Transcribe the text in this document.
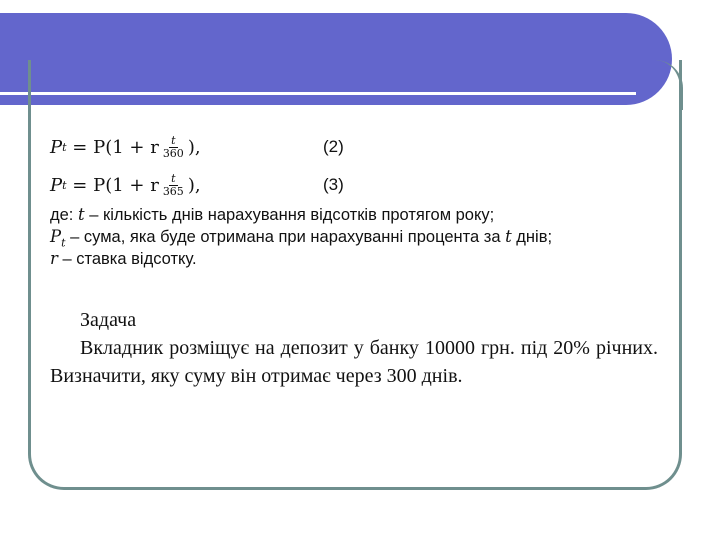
P t
= P(1 + r $\frac{t}{360}$ ),	(2)
P t
= P(1 + r $\frac{t}{365}$ ),	(3)
де: t – кількість днів нарахування відсотків протягом року;
$P_t$ – сума, яка буде отримана при нарахуванні процента за t днів;
r – ставка відсотку.
Задача
Вкладник розміщує на депозит у банку 10000 грн. під 20% річних. Визначити, яку суму він отримає через 300 днів.
